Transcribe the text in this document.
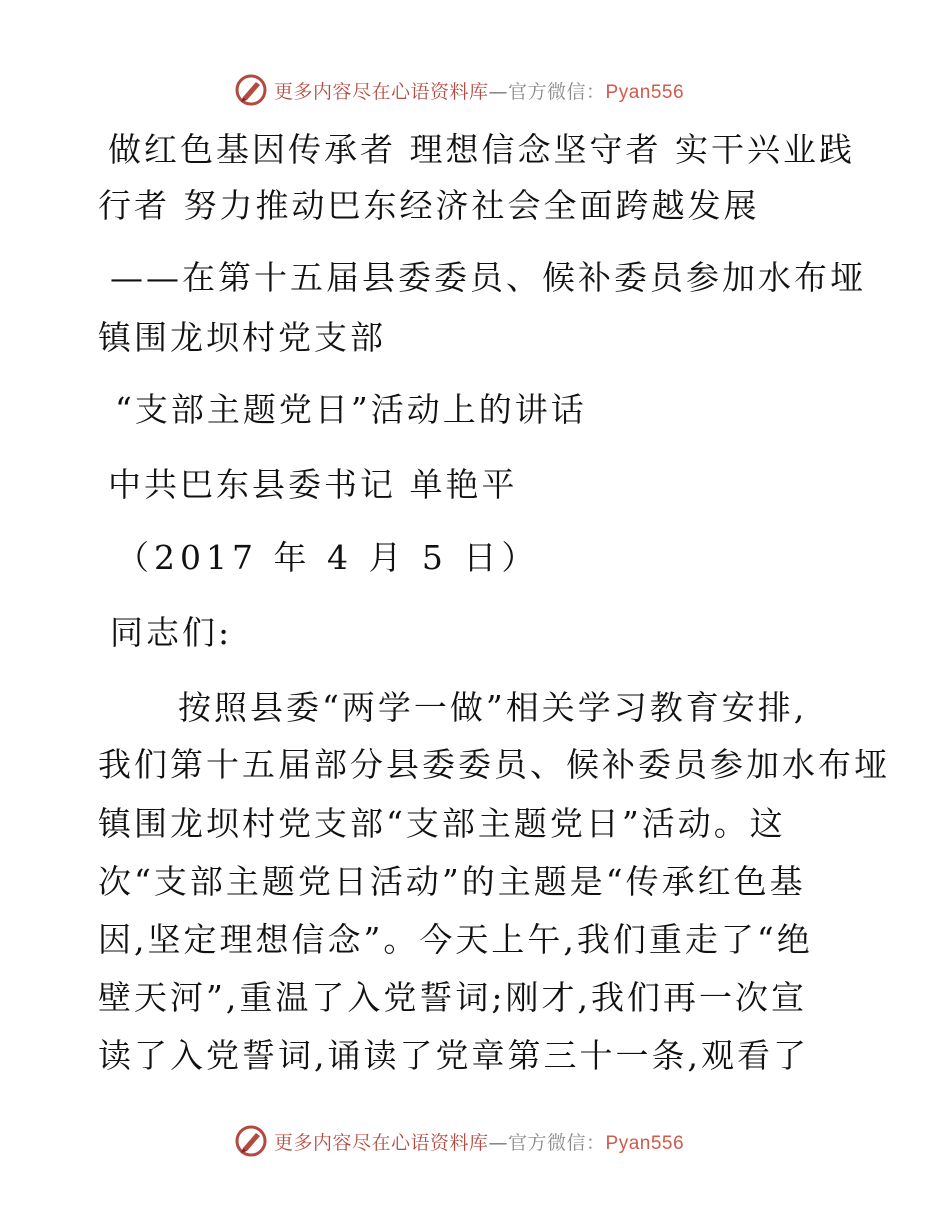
更多内容尽在心语资料库—官方微信：Pyan556
做红色基因传承者 理想信念坚守者 实干兴业践
行者 努力推动巴东经济社会全面跨越发展
——在第十五届县委委员、候补委员参加水布垭
镇围龙坝村党支部
“支部主题党日”活动上的讲话
中共巴东县委书记 单艳平
（2017 年 4 月 5 日）
同志们:
按照县委“两学一做”相关学习教育安排,
我们第十五届部分县委委员、候补委员参加水布垭
镇围龙坝村党支部“支部主题党日”活动。这
次“支部主题党日活动”的主题是“传承红色基
因,坚定理想信念”。今天上午,我们重走了“绝
壁天河”,重温了入党誓词;刚才,我们再一次宣
读了入党誓词,诵读了党章第三十一条,观看了
更多内容尽在心语资料库—官方微信：Pyan556
